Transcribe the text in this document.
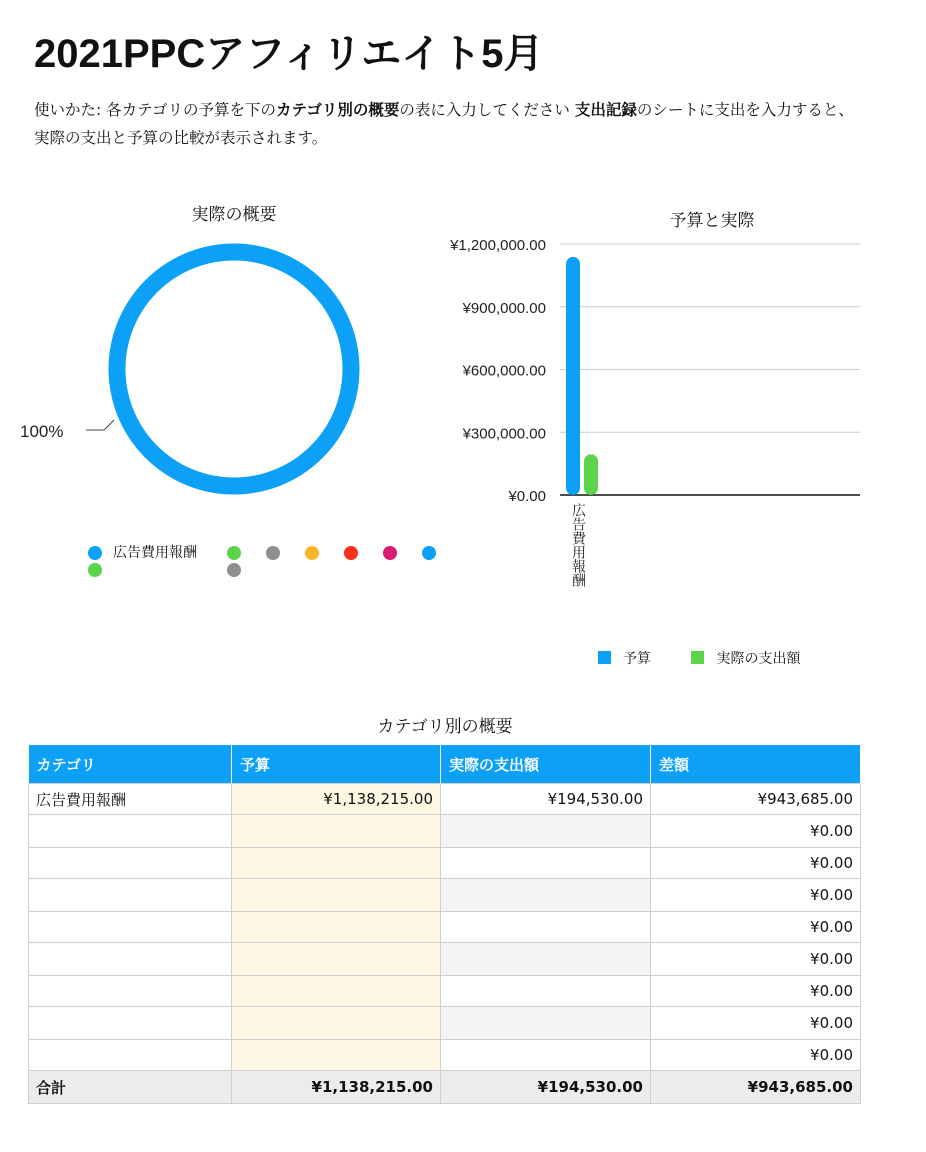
2021PPCアフィリエイト5月
使いかた: 各カテゴリの予算を下のカテゴリ別の概要の表に入力してください 支出記録のシートに支出を入力すると、実際の支出と予算の比較が表示されます。
実際の概要
100%
広告費用報酬
予算と実際
¥0.00
¥300,000.00
¥600,000.00
¥900,000.00
¥1,200,000.00
広告費用報酬
予算	実際の支出額
カテゴリ別の概要
カテゴリ	予算	実際の支出額	差額
広告費用報酬	¥1,138,215.00	¥194,530.00	¥943,685.00
			¥0.00
			¥0.00
			¥0.00
			¥0.00
			¥0.00
			¥0.00
			¥0.00
			¥0.00
合計	¥1,138,215.00	¥194,530.00	¥943,685.00
